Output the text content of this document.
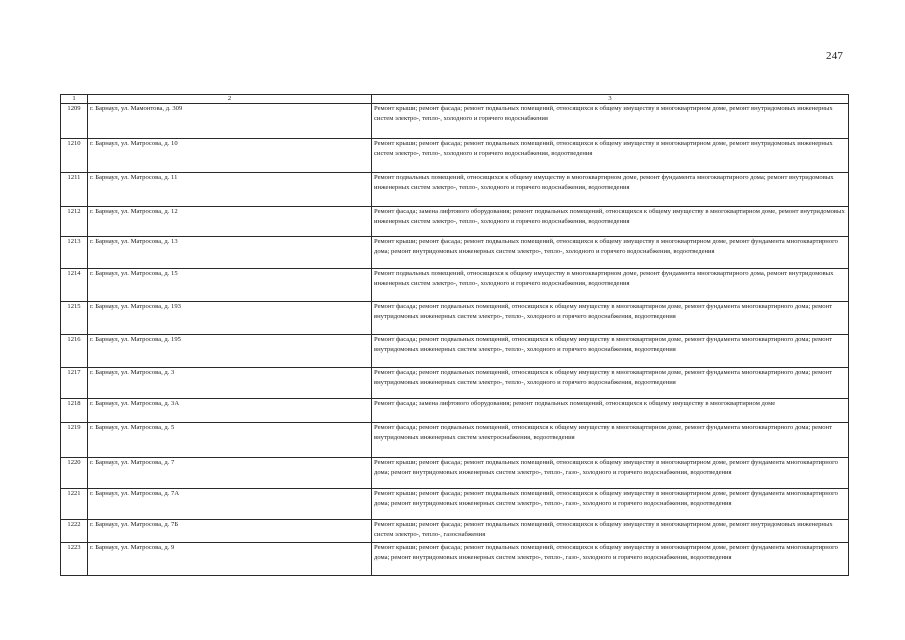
247
1	2	3
1209	г. Барнаул, ул. Мамонтова, д. 309	Ремонт крыши; ремонт фасада; ремонт подвальных помещений, относящихся к общему имуществу в многоквартирном доме, ремонт внутридомовых инженерных систем электро-, тепло-, холодного и горячего водоснабжения
1210	г. Барнаул, ул. Матросова, д. 10	Ремонт крыши; ремонт фасада; ремонт подвальных помещений, относящихся к общему имуществу в многоквартирном доме, ремонт внутридомовых инженерных систем электро-, тепло-, холодного и горячего водоснабжения, водоотведения
1211	г. Барнаул, ул. Матросова, д. 11	Ремонт подвальных помещений, относящихся к общему имуществу в многоквартирном доме, ремонт фундамента многоквартирного дома; ремонт внутридомовых инженерных систем электро-, тепло-, холодного и горячего водоснабжения, водоотведения
1212	г. Барнаул, ул. Матросова, д. 12	Ремонт фасада; замена лифтового оборудования; ремонт подвальных помещений, относящихся к общему имуществу в многоквартирном доме, ремонт внутридомовых инженерных систем электро-, тепло-, холодного и горячего водоснабжения, водоотведения
1213	г. Барнаул, ул. Матросова, д. 13	Ремонт крыши; ремонт фасада; ремонт подвальных помещений, относящихся к общему имуществу в многоквартирном доме, ремонт фундамента многоквартирного дома; ремонт внутридомовых инженерных систем электро-, тепло-, холодного и горячего водоснабжения, водоотведения
1214	г. Барнаул, ул. Матросова, д. 15	Ремонт подвальных помещений, относящихся к общему имуществу в многоквартирном доме, ремонт фундамента многоквартирного дома, ремонт внутридомовых инженерных систем электро-, тепло-, холодного и горячего водоснабжения, водоотведения
1215	г. Барнаул, ул. Матросова, д. 193	Ремонт фасада; ремонт подвальных помещений, относящихся к общему имуществу в многоквартирном доме, ремонт фундамента многоквартирного дома; ремонт внутридомовых инженерных систем электро-, тепло-, холодного и горячего водоснабжения, водоотведения
1216	г. Барнаул, ул. Матросова, д. 195	Ремонт фасада; ремонт подвальных помещений, относящихся к общему имуществу в многоквартирном доме, ремонт фундамента многоквартирного дома; ремонт внутридомовых инженерных систем электро-, тепло-, холодного и горячего водоснабжения, водоотведения
1217	г. Барнаул, ул. Матросова, д. 3	Ремонт фасада; ремонт подвальных помещений, относящихся к общему имуществу в многоквартирном доме, ремонт фундамента многоквартирного дома; ремонт внутридомовых инженерных систем электро-, тепло-, холодного и горячего водоснабжения, водоотведения
1218	г. Барнаул, ул. Матросова, д. 3А	Ремонт фасада; замена лифтового оборудования; ремонт подвальных помещений, относящихся к общему имуществу в многоквартирном доме
1219	г. Барнаул, ул. Матросова, д. 5	Ремонт фасада; ремонт подвальных помещений, относящихся к общему имуществу в многоквартирном доме, ремонт фундамента многоквартирного дома; ремонт внутридомовых инженерных систем электроснабжения, водоотведения
1220	г. Барнаул, ул. Матросова, д. 7	Ремонт крыши; ремонт фасада; ремонт подвальных помещений, относящихся к общему имуществу в многоквартирном доме, ремонт фундамента многоквартирного дома; ремонт внутридомовых инженерных систем электро-, тепло-, газо-, холодного и горячего водоснабжения, водоотведения
1221	г. Барнаул, ул. Матросова, д. 7А	Ремонт крыши; ремонт фасада; ремонт подвальных помещений, относящихся к общему имуществу в многоквартирном доме, ремонт фундамента многоквартирного дома; ремонт внутридомовых инженерных систем электро-, тепло-, газо-, холодного и горячего водоснабжения, водоотведения
1222	г. Барнаул, ул. Матросова, д. 7Б	Ремонт крыши; ремонт фасада; ремонт подвальных помещений, относящихся к общему имуществу в многоквартирном доме, ремонт внутридомовых инженерных систем электро-, тепло-, газоснабжения
1223	г. Барнаул, ул. Матросова, д. 9	Ремонт крыши; ремонт фасада; ремонт подвальных помещений, относящихся к общему имуществу в многоквартирном доме, ремонт фундамента многоквартирного дома; ремонт внутридомовых инженерных систем электро-, тепло-, газо-, холодного и горячего водоснабжения, водоотведения
